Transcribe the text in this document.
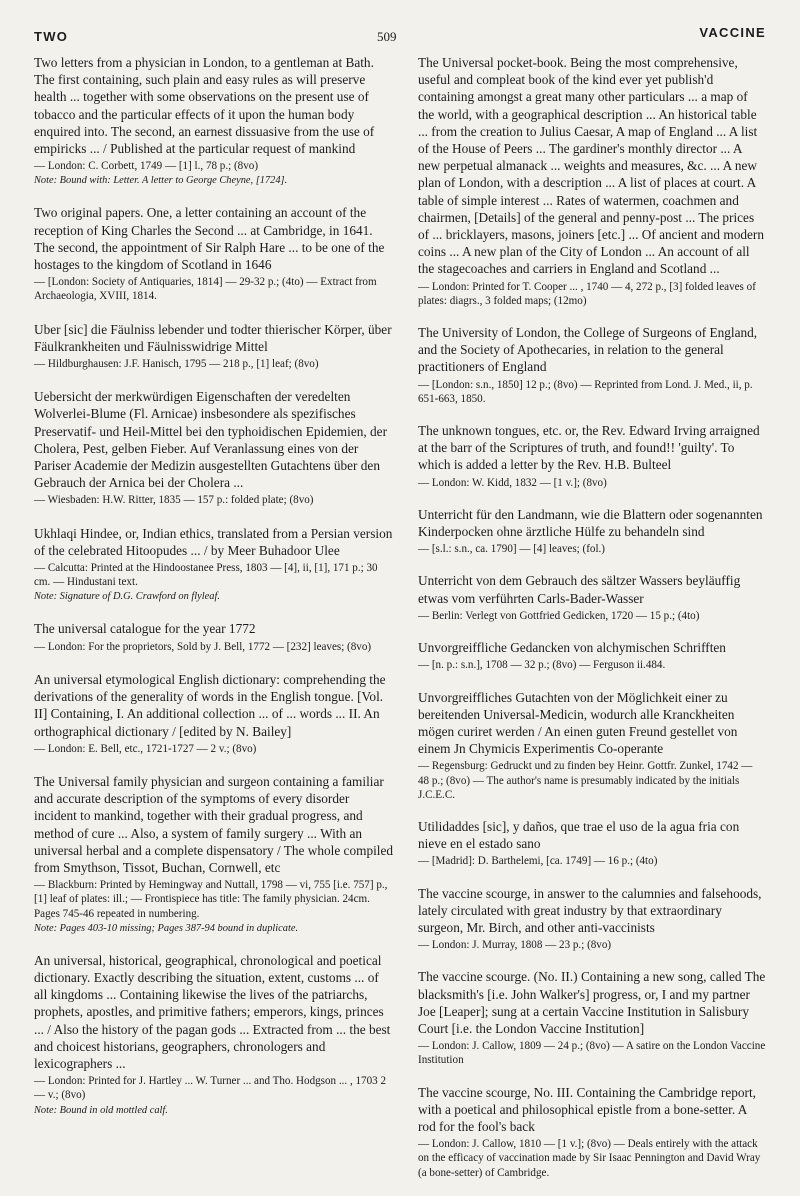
TWO	509	VACCINE

Two letters from a physician in London, to a gentleman at Bath. The first containing, such plain and easy rules as will preserve health ... together with some observations on the present use of tobacco and the particular effects of it upon the human body enquired into. The second, an earnest dissuasive from the use of empiricks ... / Published at the particular request of mankind

— London: C. Corbett, 1749 — [1] l., 78 p.; (8vo)

Note: Bound with: Letter. A letter to George Cheyne, [1724].

Two original papers. One, a letter containing an account of the reception of King Charles the Second ... at Cambridge, in 1641. The second, the appointment of Sir Ralph Hare ... to be one of the hostages to the kingdom of Scotland in 1646

— [London: Society of Antiquaries, 1814] — 29-32 p.; (4to) — Extract from Archaeologia, XVIII, 1814.

Uber [sic] die Fäulniss lebender und todter thierischer Körper, über Fäulkrankheiten und Fäulnisswidrige Mittel

— Hildburghausen: J.F. Hanisch, 1795 — 218 p., [1] leaf; (8vo)

Uebersicht der merkwürdigen Eigenschaften der veredelten Wolverlei-Blume (Fl. Arnicae) insbesondere als spezifisches Preservatif- und Heil-Mittel bei den typhoidischen Epidemien, der Cholera, Pest, gelben Fieber. Auf Veranlassung eines von der Pariser Academie der Medizin ausgestellten Gutachtens über den Gebrauch der Arnica bei der Cholera ...

— Wiesbaden: H.W. Ritter, 1835 — 157 p.: folded plate; (8vo)

Ukhlaqi Hindee, or, Indian ethics, translated from a Persian version of the celebrated Hitoopudes ... / by Meer Buhadoor Ulee

— Calcutta: Printed at the Hindoostanee Press, 1803 — [4], ii, [1], 171 p.; 30 cm. — Hindustani text.

Note: Signature of D.G. Crawford on flyleaf.

The universal catalogue for the year 1772

— London: For the proprietors, Sold by J. Bell, 1772 — [232] leaves; (8vo)

An universal etymological English dictionary: comprehending the derivations of the generality of words in the English tongue. [Vol. II] Containing, I. An additional collection ... of ... words ... II. An orthographical dictionary / [edited by N. Bailey]

— London: E. Bell, etc., 1721-1727 — 2 v.; (8vo)

The Universal family physician and surgeon containing a familiar and accurate description of the symptoms of every disorder incident to mankind, together with their gradual progress, and method of cure ... Also, a system of family surgery ... With an universal herbal and a complete dispensatory / The whole compiled from Smythson, Tissot, Buchan, Cornwell, etc

— Blackburn: Printed by Hemingway and Nuttall, 1798 — vi, 755 [i.e. 757] p., [1] leaf of plates: ill.; — Frontispiece has title: The family physician. 24cm. Pages 745-46 repeated in numbering.

Note: Pages 403-10 missing; Pages 387-94 bound in duplicate.

An universal, historical, geographical, chronological and poetical dictionary. Exactly describing the situation, extent, customs ... of all kingdoms ... Containing likewise the lives of the patriarchs, prophets, apostles, and primitive fathers; emperors, kings, princes ... / Also the history of the pagan gods ... Extracted from ... the best and choicest historians, geographers, chronologers and lexicographers ...

— London: Printed for J. Hartley ... W. Turner ... and Tho. Hodgson ... , 1703 2 — v.; (8vo)

Note: Bound in old mottled calf.

The Universal pocket-book. Being the most comprehensive, useful and compleat book of the kind ever yet publish'd containing amongst a great many other particulars ... a map of the world, with a geographical description ... An historical table ... from the creation to Julius Caesar, A map of England ... A list of the House of Peers ... The gardiner's monthly director ... A new perpetual almanack ... weights and measures, &c. ... A new plan of London, with a description ... A list of places at court. A table of simple interest ... Rates of watermen, coachmen and chairmen, [Details] of the general and penny-post ... The prices of ... bricklayers, masons, joiners [etc.] ... Of ancient and modern coins ... A new plan of the City of London ... An account of all the stagecoaches and carriers in England and Scotland ...

— London: Printed for T. Cooper ... , 1740 — 4, 272 p., [3] folded leaves of plates: diagrs., 3 folded maps; (12mo)

The University of London, the College of Surgeons of England, and the Society of Apothecaries, in relation to the general practitioners of England

— [London: s.n., 1850] 12 p.; (8vo) — Reprinted from Lond. J. Med., ii, p. 651-663, 1850.

The unknown tongues, etc. or, the Rev. Edward Irving arraigned at the barr of the Scriptures of truth, and found!! 'guilty'. To which is added a letter by the Rev. H.B. Bulteel

— London: W. Kidd, 1832 — [1 v.]; (8vo)

Unterricht für den Landmann, wie die Blattern oder sogenannten Kinderpocken ohne ärztliche Hülfe zu behandeln sind

— [s.l.: s.n., ca. 1790] — [4] leaves; (fol.)

Unterricht von dem Gebrauch des sältzer Wassers beyläuffig etwas vom verführten Carls-Bader-Wasser

— Berlin: Verlegt von Gottfried Gedicken, 1720 — 15 p.; (4to)

Unvorgreiffliche Gedancken von alchymischen Schrifften

— [n. p.: s.n.], 1708 — 32 p.; (8vo) — Ferguson ii.484.

Unvorgreiffliches Gutachten von der Möglichkeit einer zu bereitenden Universal-Medicin, wodurch alle Kranckheiten mögen curiret werden / An einen guten Freund gestellet von einem Jn Chymicis Experimentis Co-operante

— Regensburg: Gedruckt und zu finden bey Heinr. Gottfr. Zunkel, 1742 — 48 p.; (8vo) — The author's name is presumably indicated by the initials J.C.E.C.

Utilidaddes [sic], y daños, que trae el uso de la agua fria con nieve en el estado sano

— [Madrid]: D. Barthelemi, [ca. 1749] — 16 p.; (4to)

The vaccine scourge, in answer to the calumnies and falsehoods, lately circulated with great industry by that extraordinary surgeon, Mr. Birch, and other anti-vaccinists

— London: J. Murray, 1808 — 23 p.; (8vo)

The vaccine scourge. (No. II.) Containing a new song, called The blacksmith's [i.e. John Walker's] progress, or, I and my partner Joe [Leaper]; sung at a certain Vaccine Institution in Salisbury Court [i.e. the London Vaccine Institution]

— London: J. Callow, 1809 — 24 p.; (8vo) — A satire on the London Vaccine Institution

The vaccine scourge, No. III. Containing the Cambridge report, with a poetical and philosophical epistle from a bone-setter. A rod for the fool's back

— London: J. Callow, 1810 — [1 v.]; (8vo) — Deals entirely with the attack on the efficacy of vaccination made by Sir Isaac Pennington and David Wray (a bone-setter) of Cambridge.
